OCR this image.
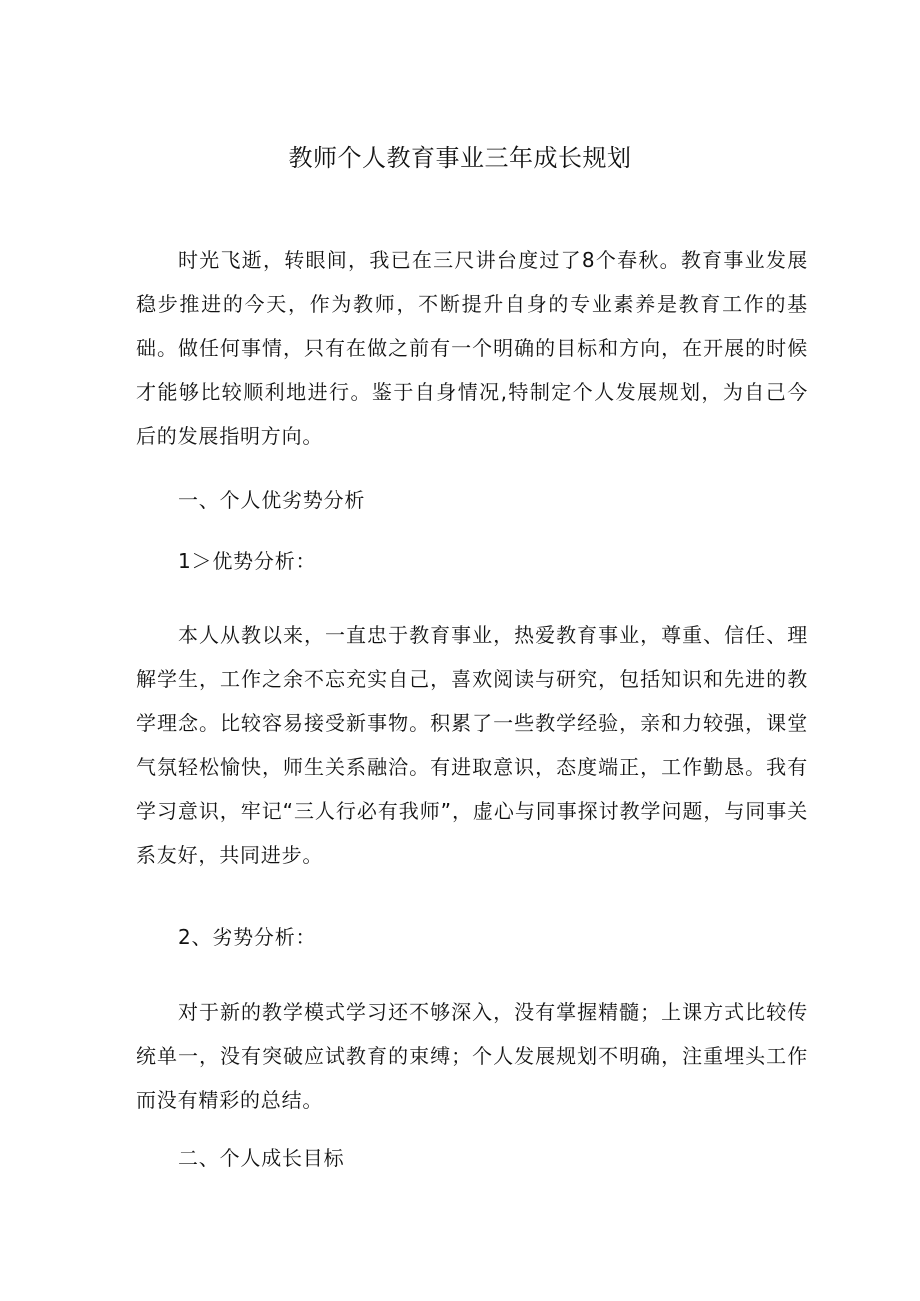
教师个人教育事业三年成长规划

时光飞逝，转眼间，我已在三尺讲台度过了8个春秋。教育事业发展稳步推进的今天，作为教师，不断提升自身的专业素养是教育工作的基础。做任何事情，只有在做之前有一个明确的目标和方向，在开展的时候才能够比较顺利地进行。鉴于自身情况,特制定个人发展规划，为自己今后的发展指明方向。

一、个人优劣势分析

1＞优势分析：

本人从教以来，一直忠于教育事业，热爱教育事业，尊重、信任、理解学生，工作之余不忘充实自己，喜欢阅读与研究，包括知识和先进的教学理念。比较容易接受新事物。积累了一些教学经验，亲和力较强，课堂气氛轻松愉快，师生关系融洽。有进取意识，态度端正，工作勤恳。我有学习意识，牢记“三人行必有我师”，虚心与同事探讨教学问题，与同事关系友好，共同进步。

2、劣势分析：

对于新的教学模式学习还不够深入，没有掌握精髓；上课方式比较传统单一，没有突破应试教育的束缚；个人发展规划不明确，注重埋头工作而没有精彩的总结。

二、个人成长目标
